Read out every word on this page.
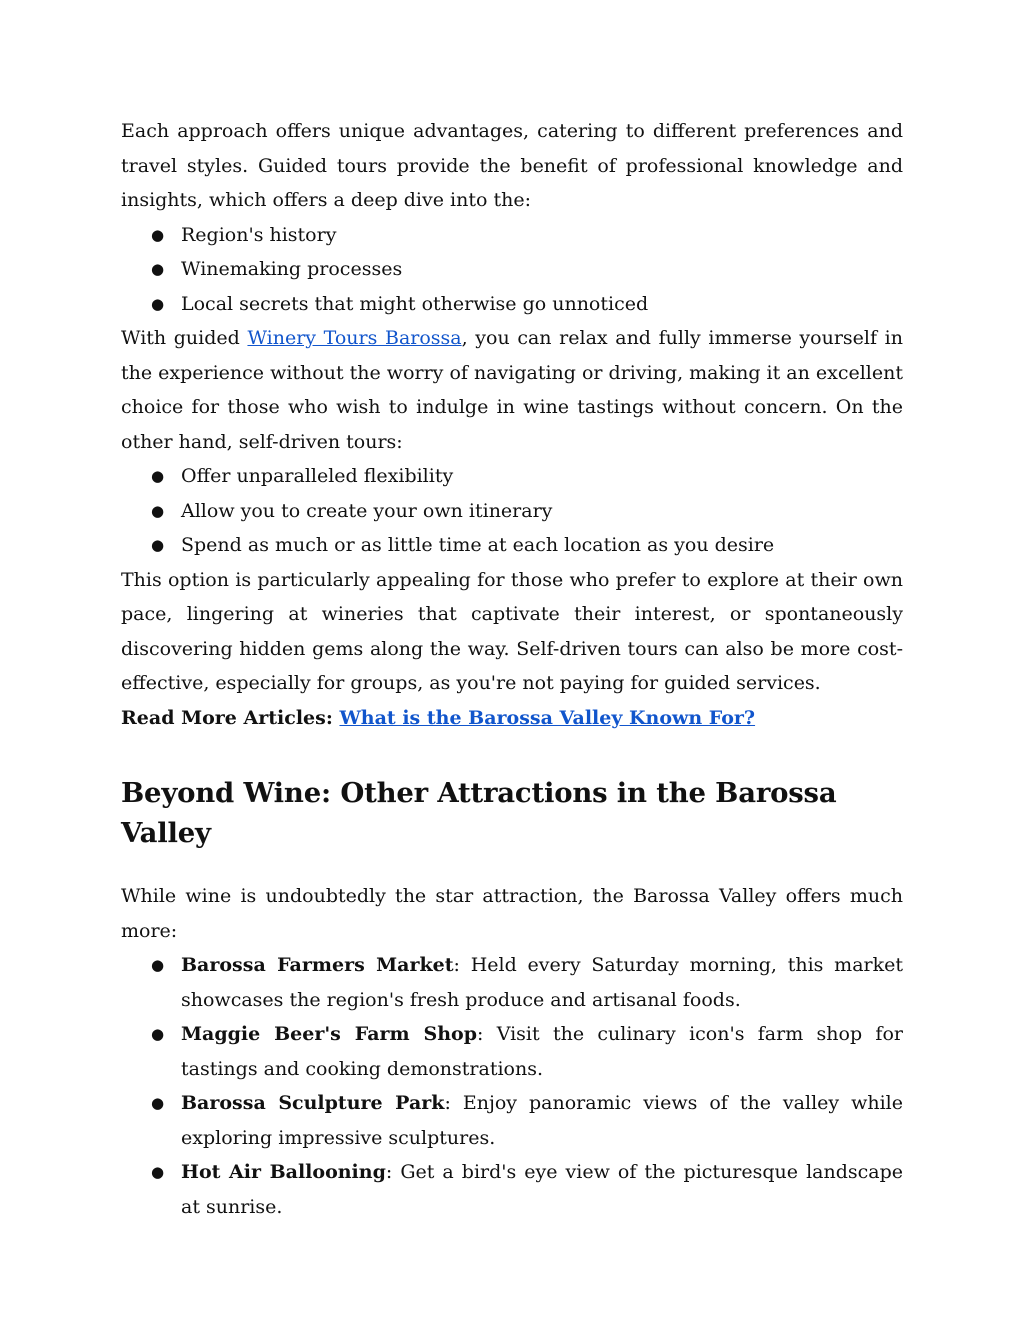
Each approach offers unique advantages, catering to different preferences and travel styles. Guided tours provide the benefit of professional knowledge and insights, which offers a deep dive into the:

● Region's history
● Winemaking processes
● Local secrets that might otherwise go unnoticed

With guided Winery Tours Barossa, you can relax and fully immerse yourself in the experience without the worry of navigating or driving, making it an excellent choice for those who wish to indulge in wine tastings without concern. On the other hand, self-driven tours:

● Offer unparalleled flexibility
● Allow you to create your own itinerary
● Spend as much or as little time at each location as you desire

This option is particularly appealing for those who prefer to explore at their own pace, lingering at wineries that captivate their interest, or spontaneously discovering hidden gems along the way. Self-driven tours can also be more cost-effective, especially for groups, as you're not paying for guided services.

Read More Articles: What is the Barossa Valley Known For?

Beyond Wine: Other Attractions in the Barossa Valley

While wine is undoubtedly the star attraction, the Barossa Valley offers much more:

● Barossa Farmers Market: Held every Saturday morning, this market showcases the region's fresh produce and artisanal foods.
● Maggie Beer's Farm Shop: Visit the culinary icon's farm shop for tastings and cooking demonstrations.
● Barossa Sculpture Park: Enjoy panoramic views of the valley while exploring impressive sculptures.
● Hot Air Ballooning: Get a bird's eye view of the picturesque landscape at sunrise.
